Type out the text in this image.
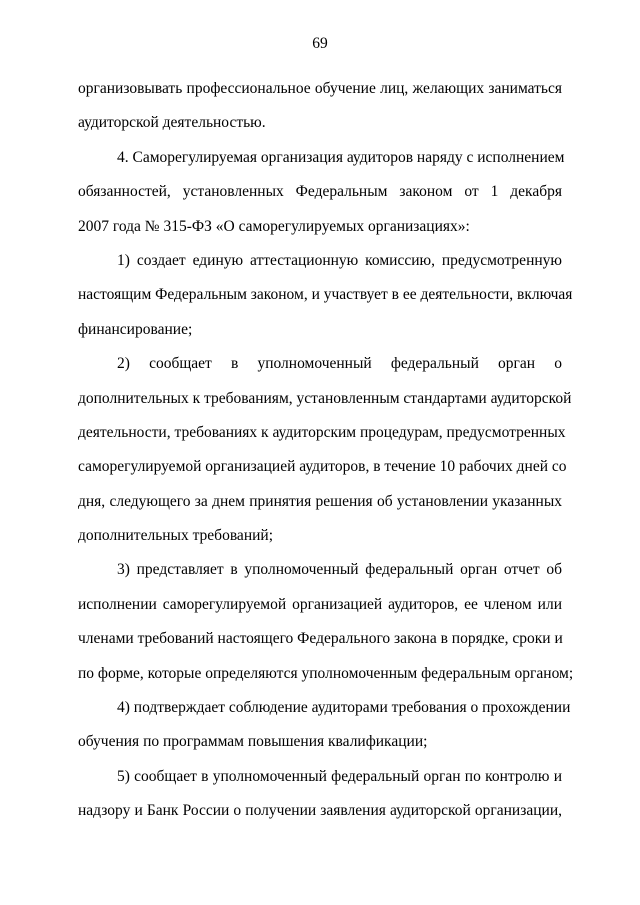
69
организовывать профессиональное обучение лиц, желающих заниматься
аудиторской деятельностью.
4. Саморегулируемая организация аудиторов наряду с исполнением
обязанностей, установленных Федеральным законом от 1 декабря
2007 года № 315-ФЗ «О саморегулируемых организациях»:
1) создает единую аттестационную комиссию, предусмотренную
настоящим Федеральным законом, и участвует в ее деятельности, включая
финансирование;
2) сообщает в уполномоченный федеральный орган о
дополнительных к требованиям, установленным стандартами аудиторской
деятельности, требованиях к аудиторским процедурам, предусмотренных
саморегулируемой организацией аудиторов, в течение 10 рабочих дней со
дня, следующего за днем принятия решения об установлении указанных
дополнительных требований;
3) представляет в уполномоченный федеральный орган отчет об
исполнении саморегулируемой организацией аудиторов, ее членом или
членами требований настоящего Федерального закона в порядке, сроки и
по форме, которые определяются уполномоченным федеральным органом;
4) подтверждает соблюдение аудиторами требования о прохождении
обучения по программам повышения квалификации;
5) сообщает в уполномоченный федеральный орган по контролю и
надзору и Банк России о получении заявления аудиторской организации,
